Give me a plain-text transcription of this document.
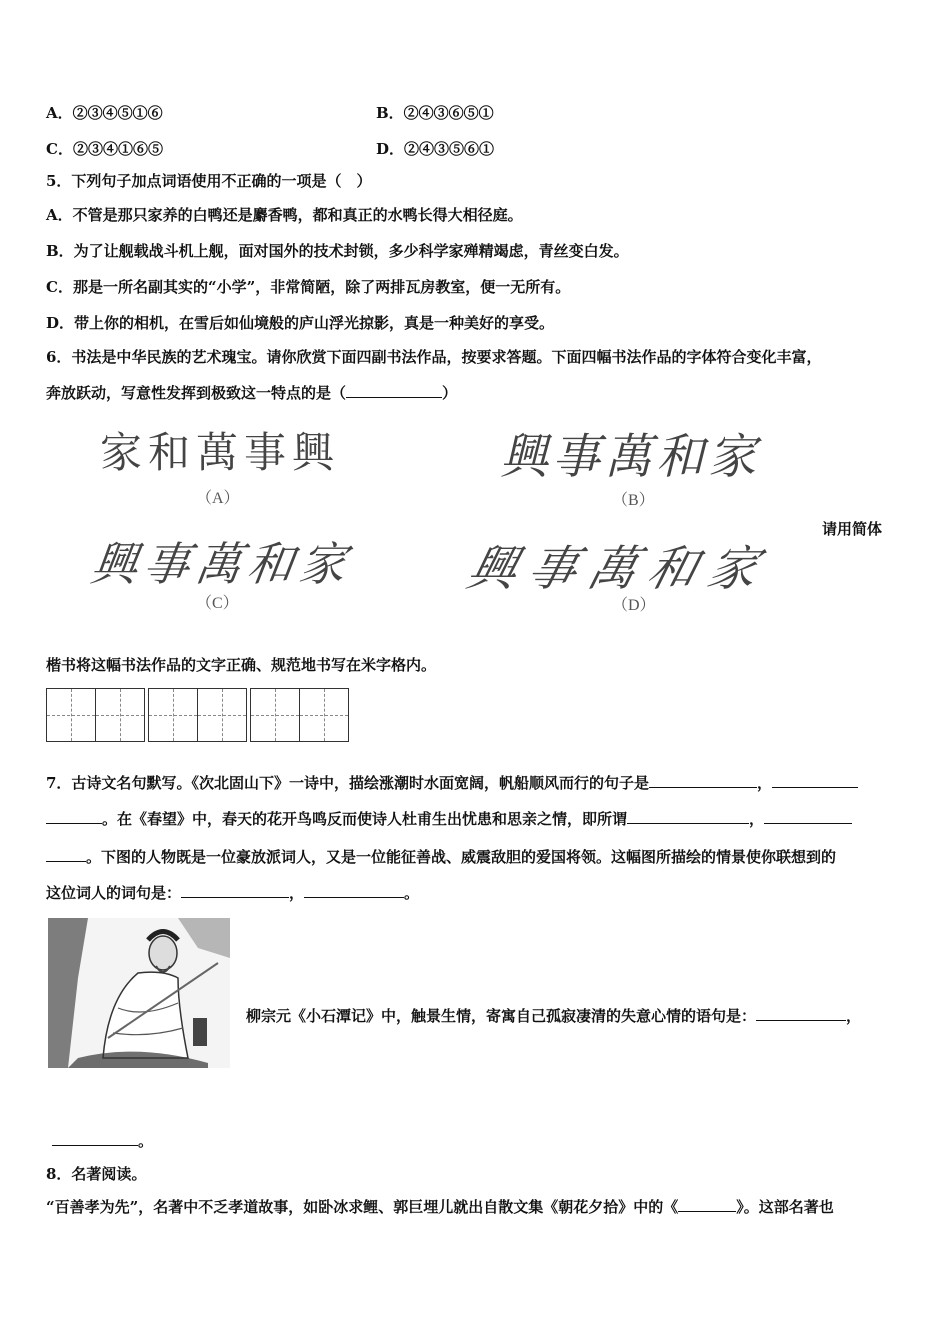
A．②③④⑤①⑥	B．②④③⑥⑤①
C．②③④①⑥⑤	D．②④③⑤⑥①
5．下列句子加点词语使用不正确的一项是（　）
A．不管是那只家养的白鸭还是麝香鸭，都和真正的水鸭长得大相径庭。
B．为了让舰载战斗机上舰，面对国外的技术封锁，多少科学家殚精竭虑，青丝变白发。
C．那是一所名副其实的“小学”，非常简陋，除了两排瓦房教室，便一无所有。
D．带上你的相机，在雪后如仙境般的庐山浮光掠影，真是一种美好的享受。
6．书法是中华民族的艺术瑰宝。请你欣赏下面四副书法作品，按要求答题。下面四幅书法作品的字体符合变化丰富，
奔放跃动，写意性发挥到极致这一特点的是（	）
家和萬事興
（A）
興事萬和家
（B）
興事萬和家
（C）
興事萬和家
（D）
请用简体
楷书将这幅书法作品的文字正确、规范地书写在米字格内。
7．古诗文名句默写。《次北固山下》一诗中，描绘涨潮时水面宽阔，帆船顺风而行的句子是	，
。在《春望》中，春天的花开鸟鸣反而使诗人杜甫生出忧患和思亲之情，即所谓	，
。下图的人物既是一位豪放派词人，又是一位能征善战、威震敌胆的爱国将领。这幅图所描绘的情景使你联想到的
这位词人的词句是：	，	。
柳宗元《小石潭记》中，触景生情，寄寓自己孤寂凄清的失意心情的语句是：	，
。
8．名著阅读。
“百善孝为先”，名著中不乏孝道故事，如卧冰求鲤、郭巨埋儿就出自散文集《朝花夕拾》中的《	》。这部名著也
